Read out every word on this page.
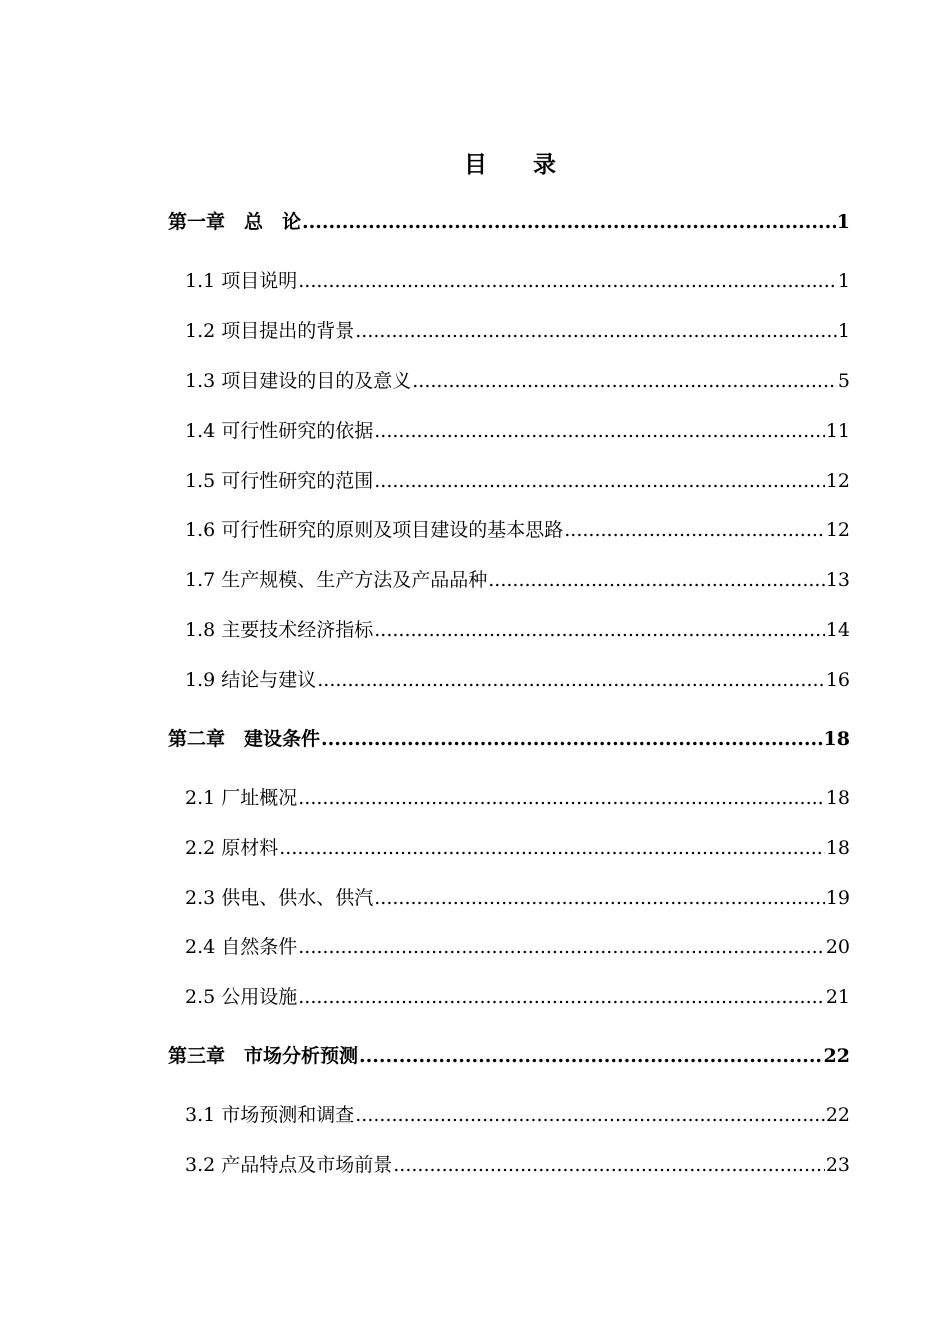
目　　录
第一章　总　论 .....	1
1.1 项目说明 .....	1
1.2 项目提出的背景 .....	1
1.3 项目建设的目的及意义 .....	5
1.4 可行性研究的依据 .....	11
1.5 可行性研究的范围 .....	12
1.6 可行性研究的原则及项目建设的基本思路 .....	12
1.7 生产规模、生产方法及产品品种 .....	13
1.8 主要技术经济指标 .....	14
1.9 结论与建议 .....	16
第二章　建设条件 .....	18
2.1 厂址概况 .....	18
2.2 原材料 .....	18
2.3 供电、供水、供汽 .....	19
2.4 自然条件 .....	20
2.5 公用设施 .....	21
第三章　市场分析预测 .....	22
3.1 市场预测和调查 .....	22
3.2 产品特点及市场前景 .....	23
